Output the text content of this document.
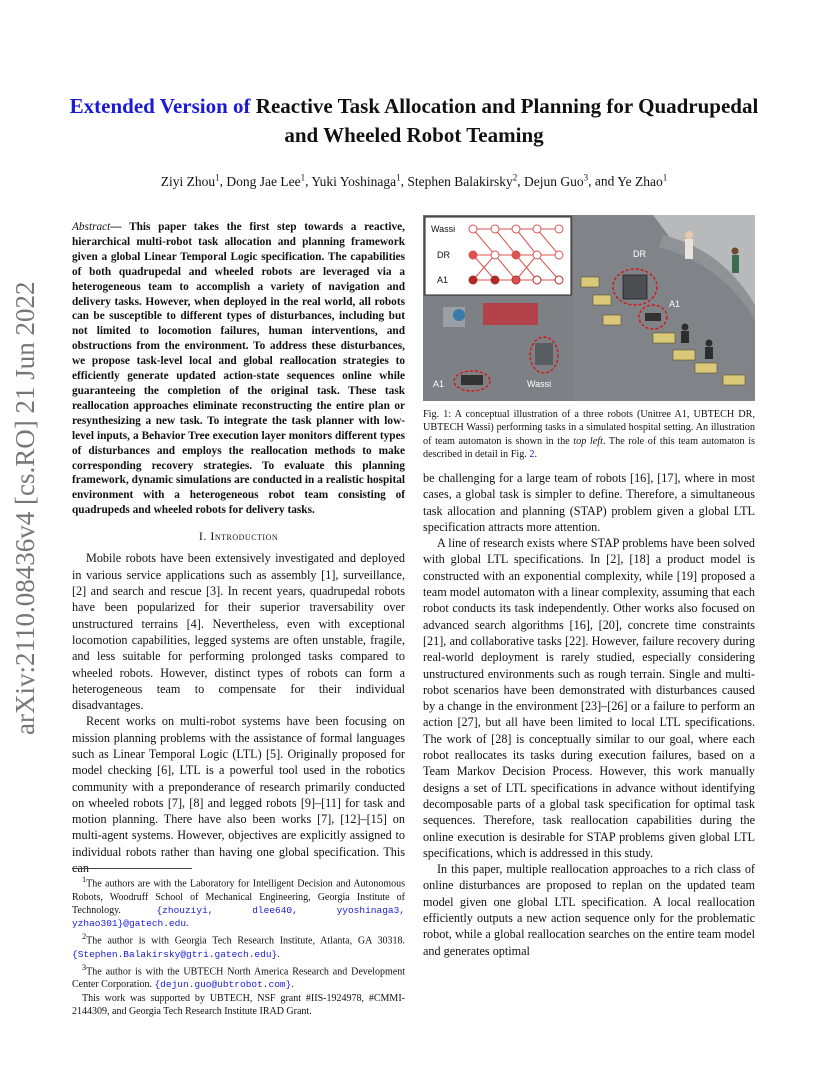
Extended Version of Reactive Task Allocation and Planning for Quadrupedal and Wheeled Robot Teaming
Ziyi Zhou$^1$, Dong Jae Lee$^1$, Yuki Yoshinaga$^1$, Stephen Balakirsky$^2$, Dejun Guo$^3$, and Ye Zhao$^1$
arXiv:2110.08436v4 [cs.RO] 21 Jun 2022
Abstract— This paper takes the first step towards a reactive, hierarchical multi-robot task allocation and planning framework given a global Linear Temporal Logic specification. The capabilities of both quadrupedal and wheeled robots are leveraged via a heterogeneous team to accomplish a variety of navigation and delivery tasks. However, when deployed in the real world, all robots can be susceptible to different types of disturbances, including but not limited to locomotion failures, human interventions, and obstructions from the environment. To address these disturbances, we propose task-level local and global reallocation strategies to efficiently generate updated action-state sequences online while guaranteeing the completion of the original task. These task reallocation approaches eliminate reconstructing the entire plan or resynthesizing a new task. To integrate the task planner with low-level inputs, a Behavior Tree execution layer monitors different types of disturbances and employs the reallocation methods to make corresponding recovery strategies. To evaluate this planning framework, dynamic simulations are conducted in a realistic hospital environment with a heterogeneous robot team consisting of quadrupeds and wheeled robots for delivery tasks.
I. Introduction

Mobile robots have been extensively investigated and deployed in various service applications such as assembly [1], surveillance, [2] and search and rescue [3]. In recent years, quadrupedal robots have been popularized for their superior traversability over unstructured terrains [4]. Nevertheless, even with exceptional locomotion capabilities, legged systems are often unstable, fragile, and less suitable for performing prolonged tasks compared to wheeled robots. However, distinct types of robots can form a heterogeneous team to compensate for their individual disadvantages.

Recent works on multi-robot systems have been focusing on mission planning problems with the assistance of formal languages such as Linear Temporal Logic (LTL) [5]. Originally proposed for model checking [6], LTL is a powerful tool used in the robotics community with a preponderance of research primarily conducted on wheeled robots [7], [8] and legged robots [9]–[11] for task and motion planning. There have also been works [7], [12]–[15] on multi-agent systems. However, objectives are explicitly assigned to individual robots rather than having one global specification. This can

$^1$The authors are with the Laboratory for Intelligent Decision and Autonomous Robots, Woodruff School of Mechanical Engineering, Georgia Institute of Technology. {zhouziyi, dlee640, yyoshinaga3, yzhao301}@gatech.edu.

$^2$The author is with Georgia Tech Research Institute, Atlanta, GA 30318. {Stephen.Balakirsky@gtri.gatech.edu}.

$^3$The author is with the UBTECH North America Research and Development Center Corporation. {dejun.guo@ubtrobot.com}.

This work was supported by UBTECH, NSF grant #IIS-1924978, #CMMI-2144309, and Georgia Tech Research Institute IRAD Grant.

A1	Wassi
DR
A1
Wassi
DR
A1
Fig. 1: A conceptual illustration of a three robots (Unitree A1, UBTECH DR, UBTECH Wassi) performing tasks in a simulated hospital setting. An illustration of team automaton is shown in the top left. The role of this team automaton is described in detail in Fig. 2.

be challenging for a large team of robots [16], [17], where in most cases, a global task is simpler to define. Therefore, a simultaneous task allocation and planning (STAP) problem given a global LTL specification attracts more attention.

A line of research exists where STAP problems have been solved with global LTL specifications. In [2], [18] a product model is constructed with an exponential complexity, while [19] proposed a team model automaton with a linear complexity, assuming that each robot conducts its task independently. Other works also focused on advanced search algorithms [16], [20], concrete time constraints [21], and collaborative tasks [22]. However, failure recovery during real-world deployment is rarely studied, especially considering unstructured environments such as rough terrain. Single and multi-robot scenarios have been demonstrated with disturbances caused by a change in the environment [23]–[26] or a failure to perform an action [27], but all have been limited to local LTL specifications. The work of [28] is conceptually similar to our goal, where each robot reallocates its tasks during execution failures, based on a Team Markov Decision Process. However, this work manually designs a set of LTL specifications in advance without identifying decomposable parts of a global task specification for optimal task sequences. Therefore, task reallocation capabilities during the online execution is desirable for STAP problems given global LTL specifications, which is addressed in this study.

In this paper, multiple reallocation approaches to a rich class of online disturbances are proposed to replan on the updated team model given one global LTL specification. A local reallocation efficiently outputs a new action sequence only for the problematic robot, while a global reallocation searches on the entire team model and generates optimal
